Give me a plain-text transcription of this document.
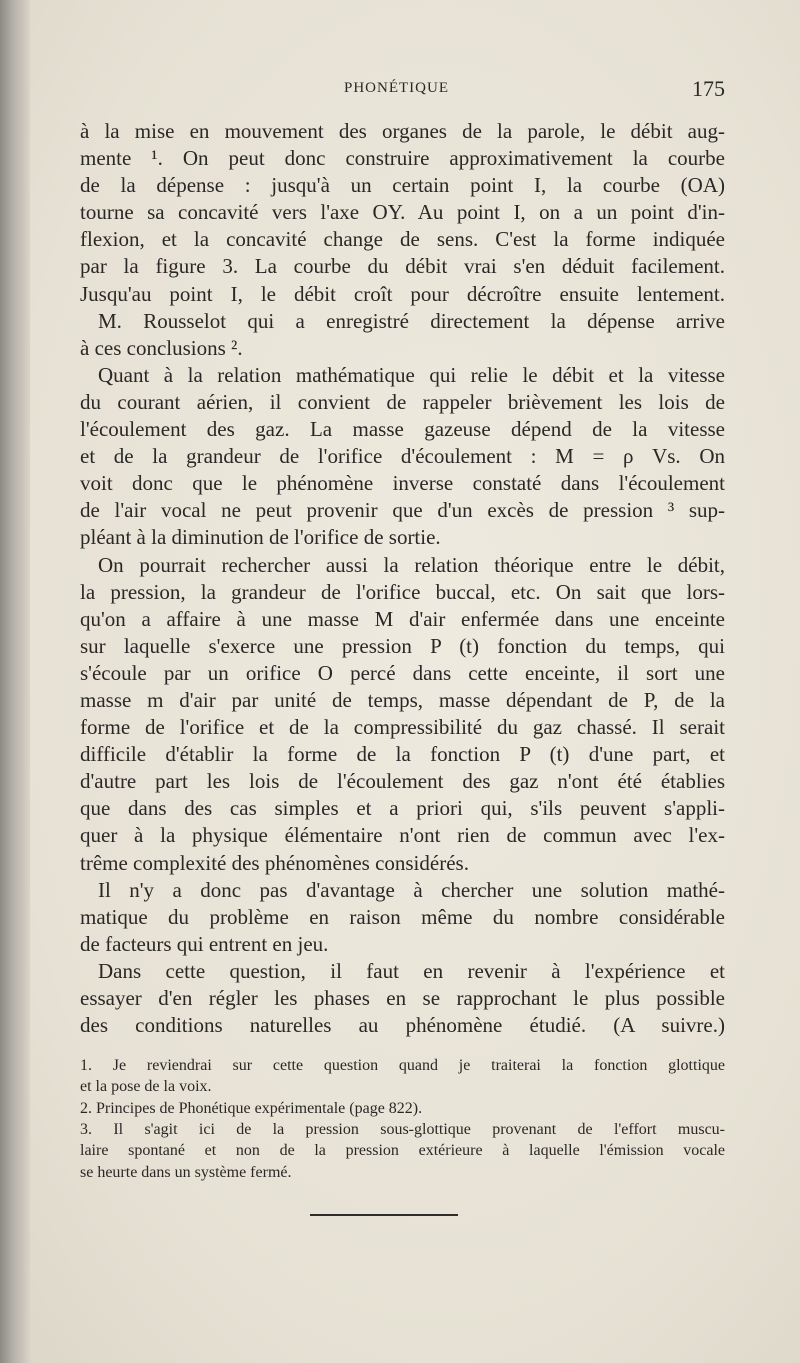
PHONÉTIQUE	175
à la mise en mouvement des organes de la parole, le débit aug-
mente ¹. On peut donc construire approximativement la courbe
de la dépense : jusqu'à un certain point I, la courbe (OA)
tourne sa concavité vers l'axe OY. Au point I, on a un point d'in-
flexion, et la concavité change de sens. C'est la forme indiquée
par la figure 3. La courbe du débit vrai s'en déduit facilement.
Jusqu'au point I, le débit croît pour décroître ensuite lentement.
M. Rousselot qui a enregistré directement la dépense arrive
à ces conclusions ².
Quant à la relation mathématique qui relie le débit et la vitesse
du courant aérien, il convient de rappeler brièvement les lois de
l'écoulement des gaz. La masse gazeuse dépend de la vitesse
et de la grandeur de l'orifice d'écoulement : M = ρ Vs. On
voit donc que le phénomène inverse constaté dans l'écoulement
de l'air vocal ne peut provenir que d'un excès de pression ³ sup-
pléant à la diminution de l'orifice de sortie.
On pourrait rechercher aussi la relation théorique entre le débit,
la pression, la grandeur de l'orifice buccal, etc. On sait que lors-
qu'on a affaire à une masse M d'air enfermée dans une enceinte
sur laquelle s'exerce une pression P (t) fonction du temps, qui
s'écoule par un orifice O percé dans cette enceinte, il sort une
masse m d'air par unité de temps, masse dépendant de P, de la
forme de l'orifice et de la compressibilité du gaz chassé. Il serait
difficile d'établir la forme de la fonction P (t) d'une part, et
d'autre part les lois de l'écoulement des gaz n'ont été établies
que dans des cas simples et a priori qui, s'ils peuvent s'appli-
quer à la physique élémentaire n'ont rien de commun avec l'ex-
trême complexité des phénomènes considérés.
Il n'y a donc pas d'avantage à chercher une solution mathé-
matique du problème en raison même du nombre considérable
de facteurs qui entrent en jeu.
Dans cette question, il faut en revenir à l'expérience et
essayer d'en régler les phases en se rapprochant le plus possible
des conditions naturelles au phénomène étudié. (A suivre.)
1. Je reviendrai sur cette question quand je traiterai la fonction glottique
et la pose de la voix.
2. Principes de Phonétique expérimentale (page 822).
3. Il s'agit ici de la pression sous-glottique provenant de l'effort muscu-
laire spontané et non de la pression extérieure à laquelle l'émission vocale
se heurte dans un système fermé.
